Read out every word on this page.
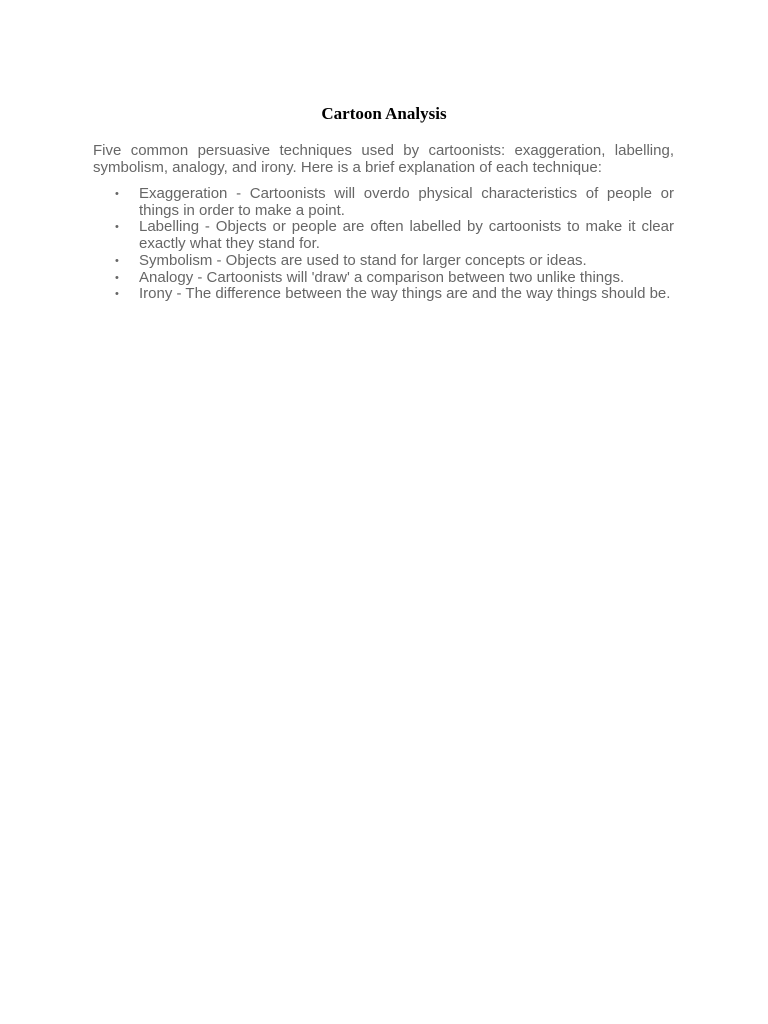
Cartoon Analysis

Five common persuasive techniques used by cartoonists: exaggeration, labelling, symbolism, analogy, and irony. Here is a brief explanation of each technique:

• Exaggeration - Cartoonists will overdo physical characteristics of people or things in order to make a point.
• Labelling - Objects or people are often labelled by cartoonists to make it clear exactly what they stand for.
• Symbolism - Objects are used to stand for larger concepts or ideas.
• Analogy - Cartoonists will 'draw' a comparison between two unlike things.
• Irony - The difference between the way things are and the way things should be.
